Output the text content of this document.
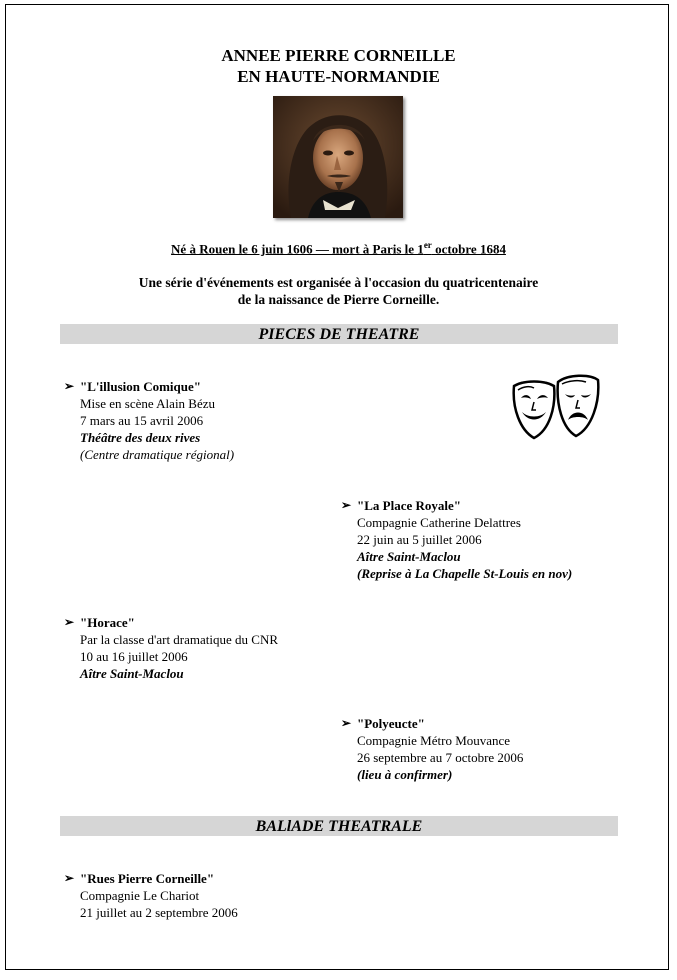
ANNEE PIERRE CORNEILLE
EN HAUTE-NORMANDIE
Né à Rouen le 6 juin 1606 — mort à Paris le 1er octobre 1684
Une série d'événements est organisée à l'occasion du quatricentenaire
de la naissance de Pierre Corneille.
PIECES DE THEATRE
➢ "L'illusion Comique"
Mise en scène Alain Bézu
7 mars au 15 avril 2006
Théâtre des deux rives
(Centre dramatique régional)
➢ "La Place Royale"
Compagnie Catherine Delattres
22 juin au 5 juillet 2006
Aître Saint-Maclou
(Reprise à La Chapelle St-Louis en nov)
➢ "Horace"
Par la classe d'art dramatique du CNR
10 au 16 juillet 2006
Aître Saint-Maclou
➢ "Polyeucte"
Compagnie Métro Mouvance
26 septembre au 7 octobre 2006
(lieu à confirmer)
BALlADE THEATRALE
➢ "Rues Pierre Corneille"
Compagnie Le Chariot
21 juillet au 2 septembre 2006
